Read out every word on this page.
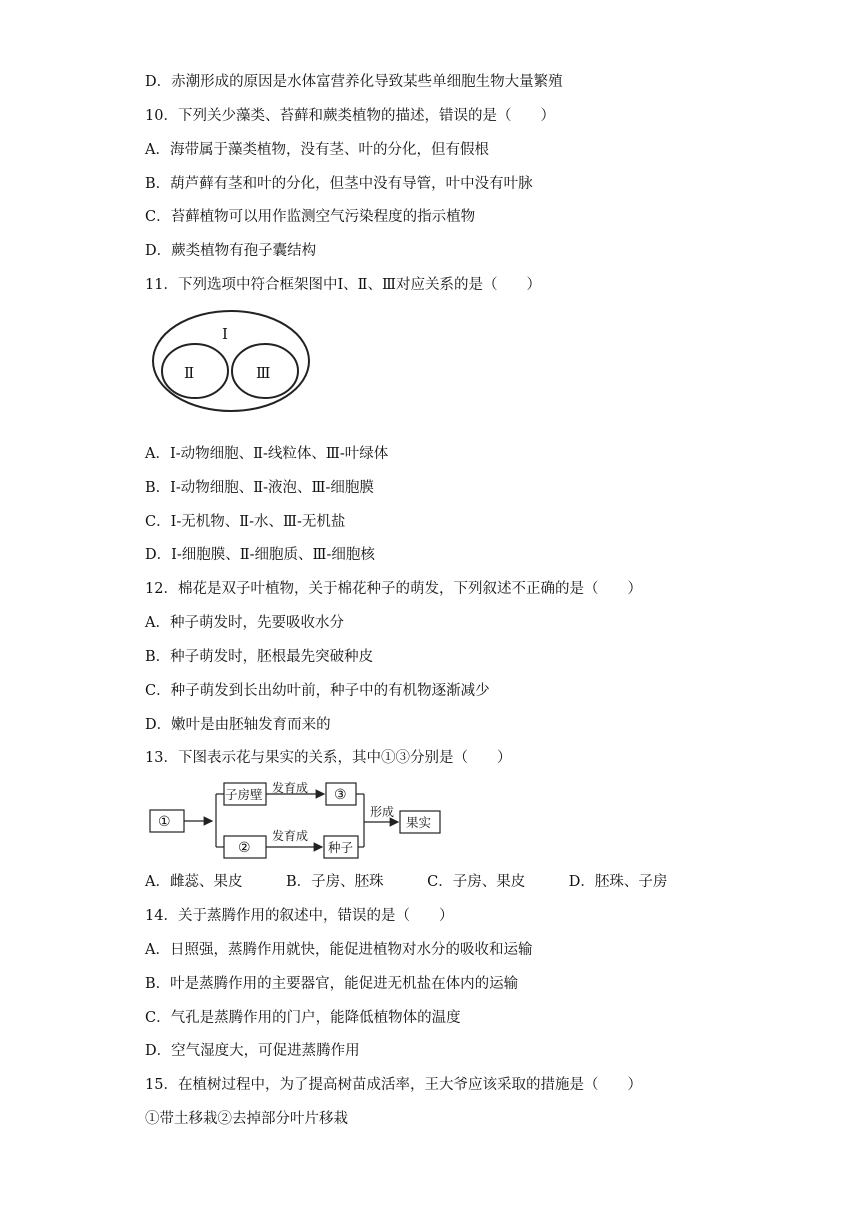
D．赤潮形成的原因是水体富营养化导致某些单细胞生物大量繁殖
10．下列关少藻类、苔藓和蕨类植物的描述，错误的是（　　）
A．海带属于藻类植物，没有茎、叶的分化，但有假根
B．葫芦藓有茎和叶的分化，但茎中没有导管，叶中没有叶脉
C．苔藓植物可以用作监测空气污染程度的指示植物
D．蕨类植物有孢子囊结构
11．下列选项中符合框架图中Ⅰ、Ⅱ、Ⅲ对应关系的是（　　）
Ⅰ
Ⅱ	Ⅲ
A．Ⅰ-动物细胞、Ⅱ-线粒体、Ⅲ-叶绿体
B．Ⅰ-动物细胞、Ⅱ-液泡、Ⅲ-细胞膜
C．Ⅰ-无机物、Ⅱ-水、Ⅲ-无机盐
D．Ⅰ-细胞膜、Ⅱ-细胞质、Ⅲ-细胞核
12．棉花是双子叶植物，关于棉花种子的萌发，下列叙述不正确的是（　　）
A．种子萌发时，先要吸收水分
B．种子萌发时，胚根最先突破种皮
C．种子萌发到长出幼叶前，种子中的有机物逐渐减少
D．嫩叶是由胚轴发育而来的
13．下图表示花与果实的关系，其中①③分别是（　　）
①
子房壁 发育成 ③
②
发育成
种子
形成
果实
A．雌蕊、果皮　　　B．子房、胚珠　　　C．子房、果皮　　　D．胚珠、子房
14．关于蒸腾作用的叙述中，错误的是（　　）
A．日照强，蒸腾作用就快，能促进植物对水分的吸收和运输
B．叶是蒸腾作用的主要器官，能促进无机盐在体内的运输
C．气孔是蒸腾作用的门户，能降低植物体的温度
D．空气湿度大，可促进蒸腾作用
15．在植树过程中，为了提高树苗成活率，王大爷应该采取的措施是（　　）
①带土移栽②去掉部分叶片移栽
